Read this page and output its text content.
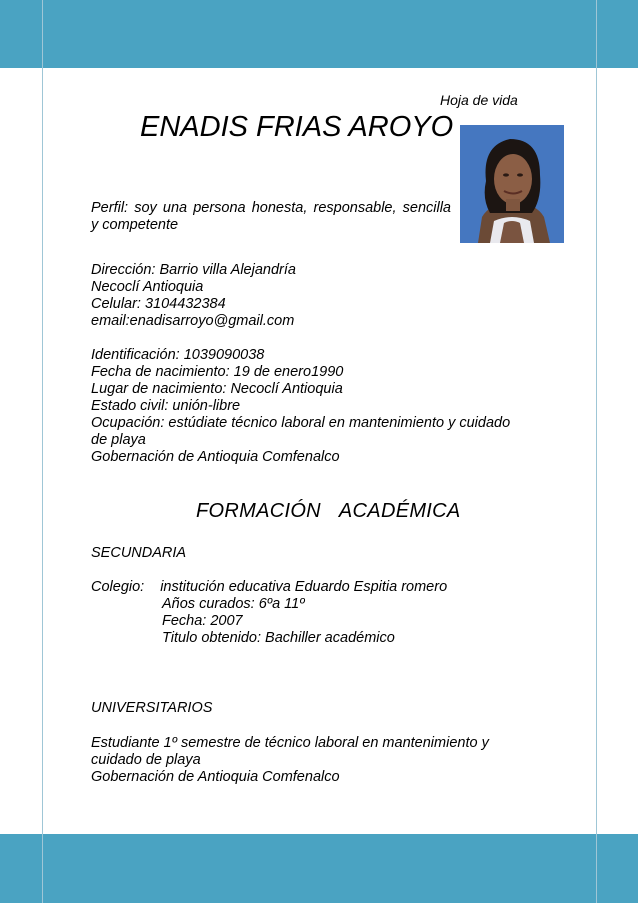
Hoja de vida
ENADIS FRIAS AROYO
Perfil: soy una persona honesta, responsable, sencilla
y competente
Dirección: Barrio villa Alejandría
Necoclí Antioquia
Celular: 3104432384
email:enadisarroyo@gmail.com
Identificación: 1039090038
Fecha de nacimiento: 19 de enero1990
Lugar de nacimiento: Necoclí Antioquia
Estado civil: unión-libre
Ocupación: estúdiate técnico laboral en mantenimiento y cuidado
de playa
Gobernación de Antioquia Comfenalco
FORMACIÓN ACADÉMICA
SECUNDARIA
Colegio: institución educativa Eduardo Espitia romero
Años curados: 6ºa 11º
Fecha: 2007
Titulo obtenido: Bachiller académico
UNIVERSITARIOS
Estudiante 1º semestre de técnico laboral en mantenimiento y
cuidado de playa
Gobernación de Antioquia Comfenalco
